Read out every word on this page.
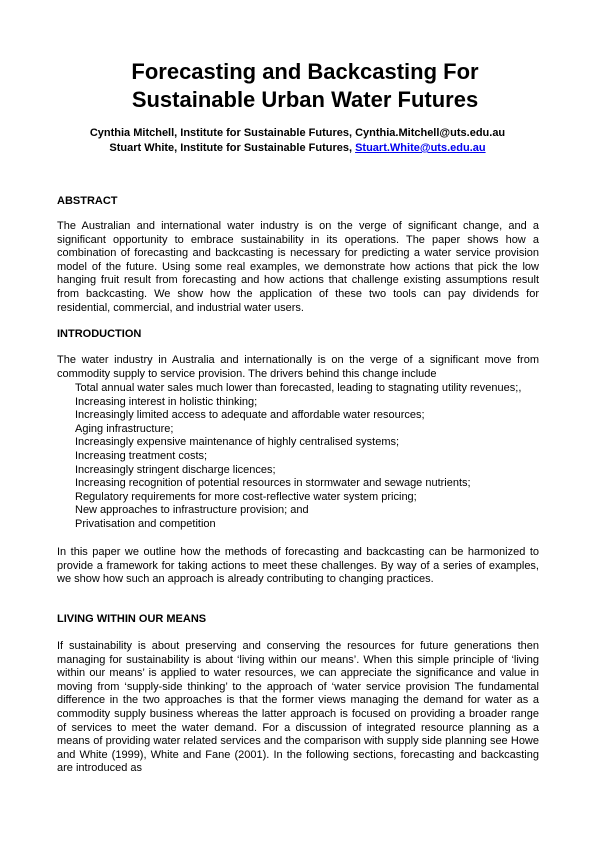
Forecasting and Backcasting For
Sustainable Urban Water Futures
Cynthia Mitchell, Institute for Sustainable Futures, Cynthia.Mitchell@uts.edu.au
Stuart White, Institute for Sustainable Futures, Stuart.White@uts.edu.au
ABSTRACT
The Australian and international water industry is on the verge of significant change, and a significant opportunity to embrace sustainability in its operations. The paper shows how a combination of forecasting and backcasting is necessary for predicting a water service provision model of the future. Using some real examples, we demonstrate how actions that pick the low hanging fruit result from forecasting and how actions that challenge existing assumptions result from backcasting. We show how the application of these two tools can pay dividends for residential, commercial, and industrial water users.
INTRODUCTION
The water industry in Australia and internationally is on the verge of a significant move from commodity supply to service provision. The drivers behind this change include
Total annual water sales much lower than forecasted, leading to stagnating utility revenues;,
Increasing interest in holistic thinking;
Increasingly limited access to adequate and affordable water resources;
Aging infrastructure;
Increasingly expensive maintenance of highly centralised systems;
Increasing treatment costs;
Increasingly stringent discharge licences;
Increasing recognition of potential resources in stormwater and sewage nutrients;
Regulatory requirements for more cost-reflective water system pricing;
New approaches to infrastructure provision; and
Privatisation and competition
In this paper we outline how the methods of forecasting and backcasting can be harmonized to provide a framework for taking actions to meet these challenges. By way of a series of examples, we show how such an approach is already contributing to changing practices.
LIVING WITHIN OUR MEANS
If sustainability is about preserving and conserving the resources for future generations then managing for sustainability is about ‘living within our means’. When this simple principle of ‘living within our means’ is applied to water resources, we can appreciate the significance and value in moving from ‘supply-side thinking’ to the approach of ‘water service provision The fundamental difference in the two approaches is that the former views managing the demand for water as a commodity supply business whereas the latter approach is focused on providing a broader range of services to meet the water demand. For a discussion of integrated resource planning as a means of providing water related services and the comparison with supply side planning see Howe and White (1999), White and Fane (2001). In the following sections, forecasting and backcasting are introduced as
